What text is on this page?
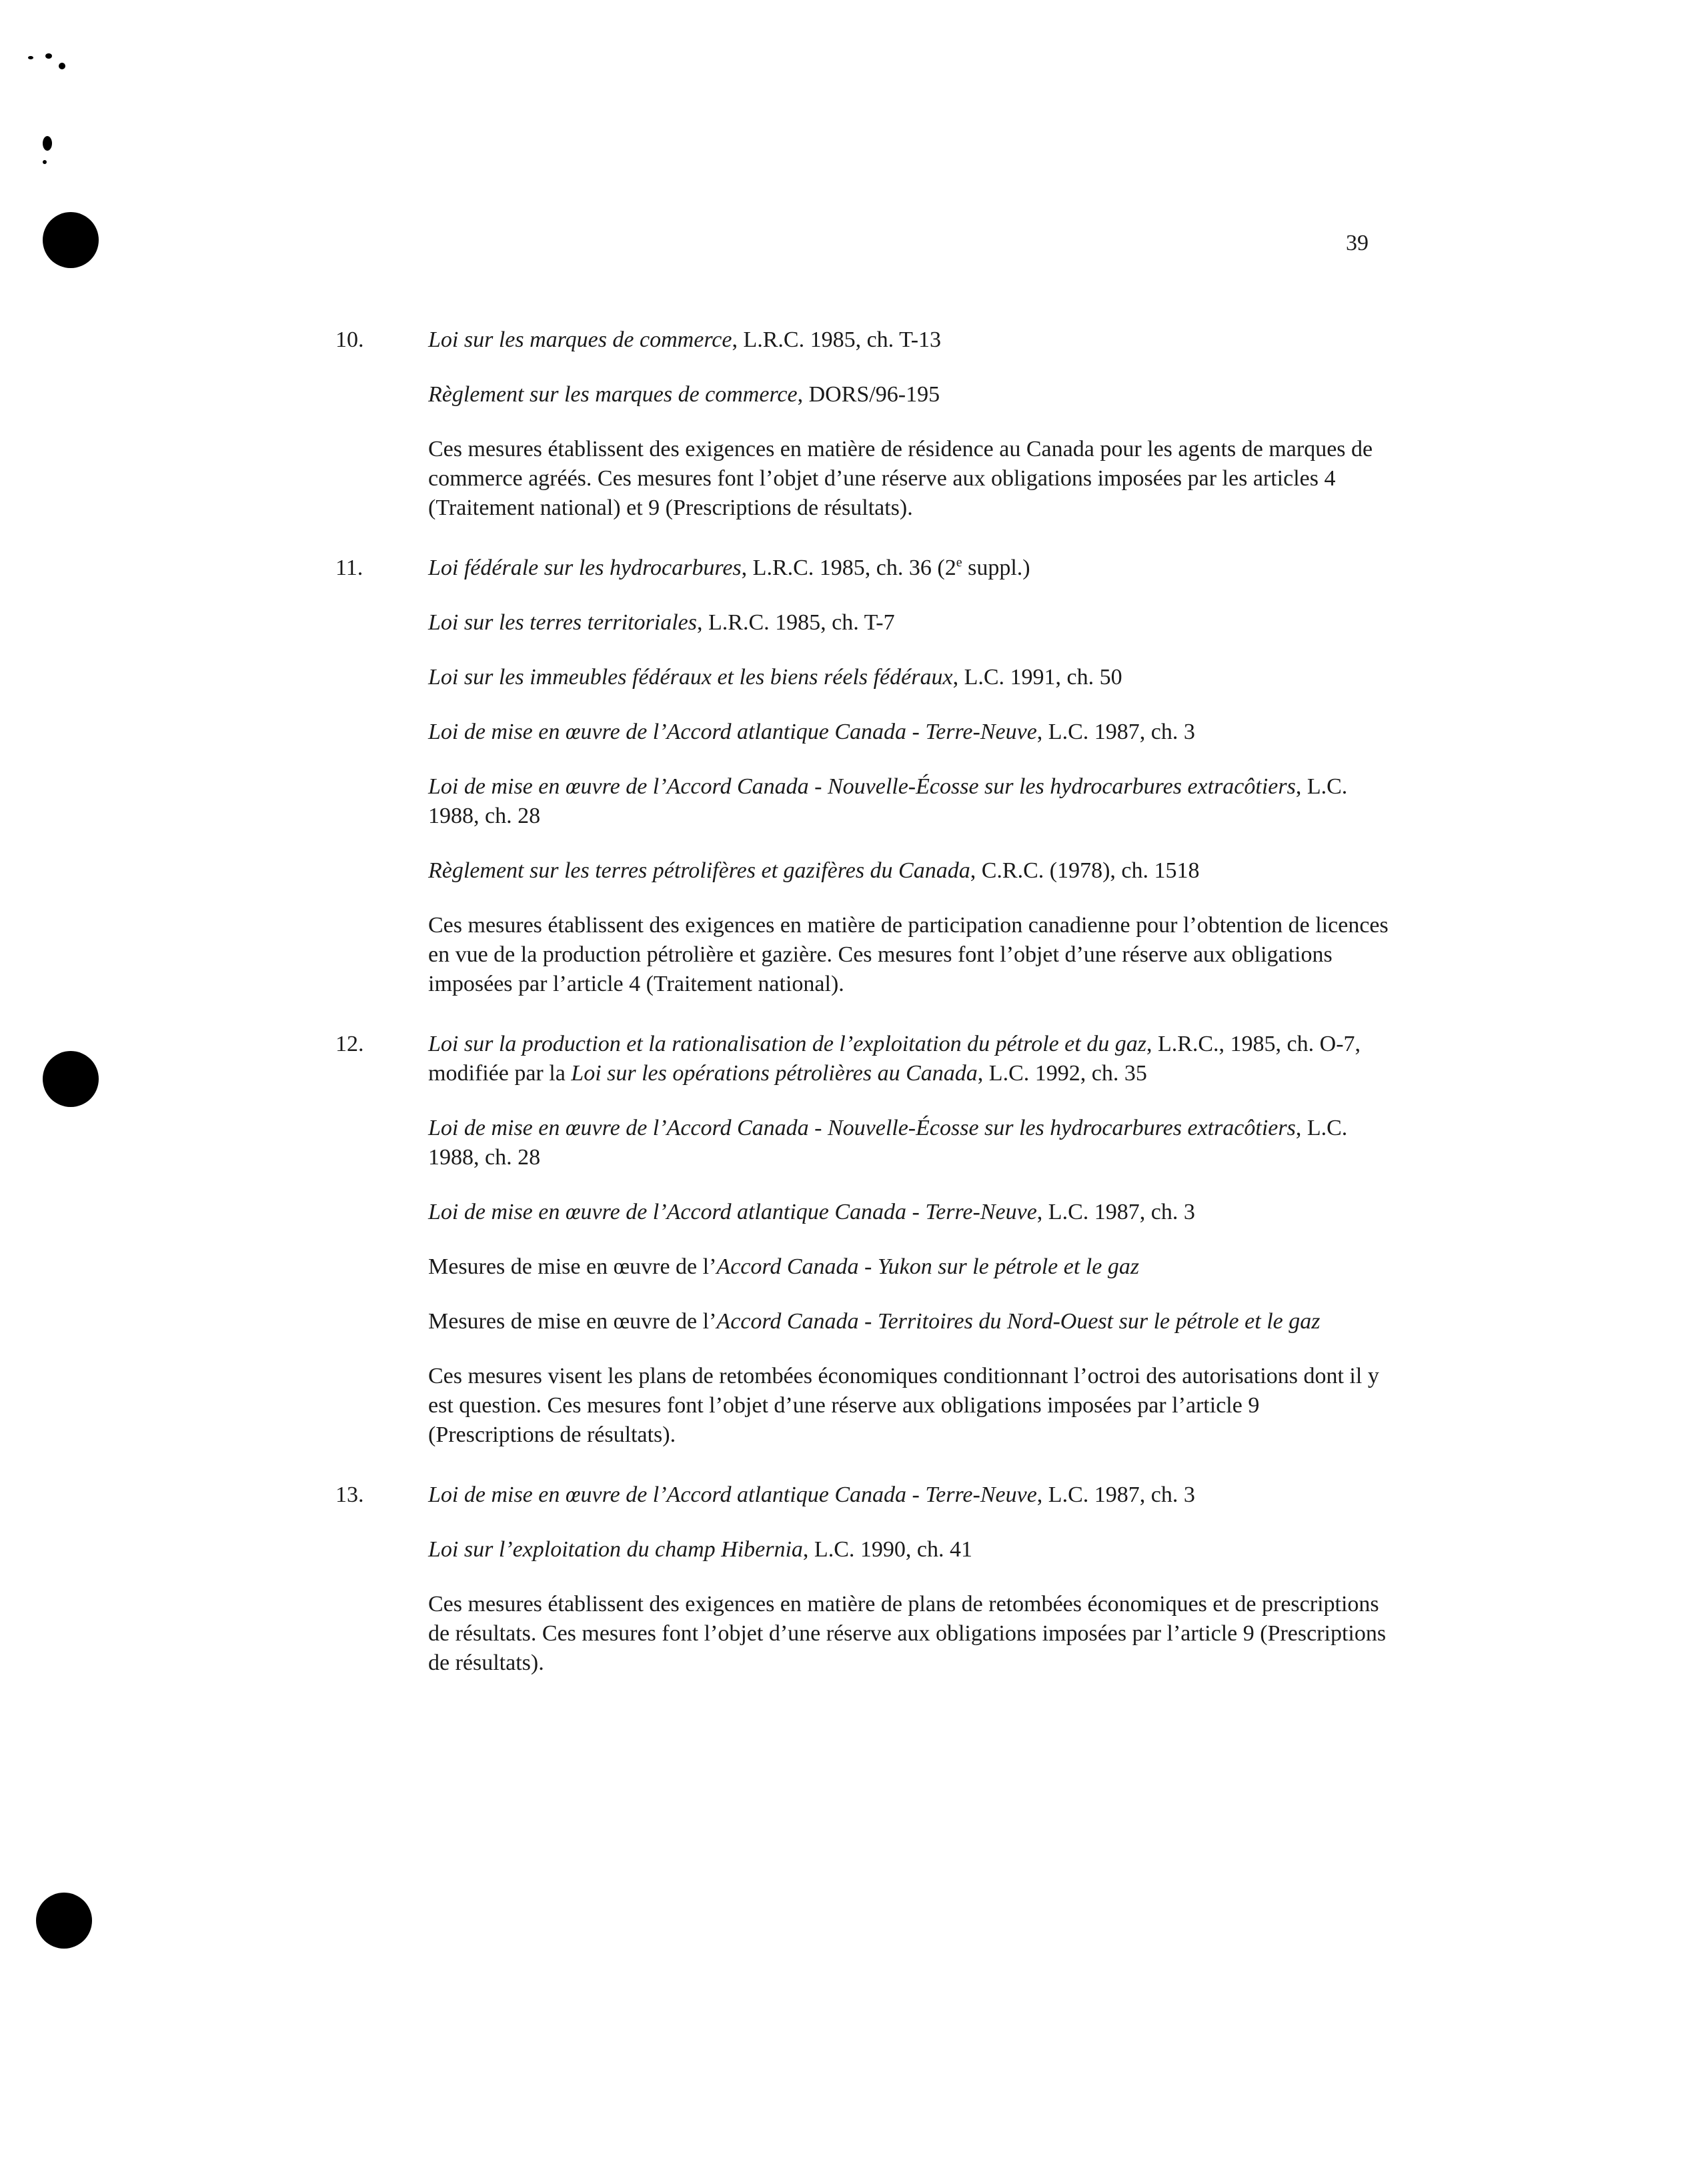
39
10.	Loi sur les marques de commerce, L.R.C. 1985, ch. T-13
Règlement sur les marques de commerce, DORS/96-195
Ces mesures établissent des exigences en matière de résidence au Canada pour les agents de marques de commerce agréés. Ces mesures font l’objet d’une réserve aux obligations imposées par les articles 4 (Traitement national) et 9 (Prescriptions de résultats).
11.	Loi fédérale sur les hydrocarbures, L.R.C. 1985, ch. 36 (2e suppl.)
Loi sur les terres territoriales, L.R.C. 1985, ch. T-7
Loi sur les immeubles fédéraux et les biens réels fédéraux, L.C. 1991, ch. 50
Loi de mise en œuvre de l’Accord atlantique Canada - Terre-Neuve, L.C. 1987, ch. 3
Loi de mise en œuvre de l’Accord Canada - Nouvelle-Écosse sur les hydrocarbures extracôtiers, L.C. 1988, ch. 28
Règlement sur les terres pétrolifères et gazifères du Canada, C.R.C. (1978), ch. 1518
Ces mesures établissent des exigences en matière de participation canadienne pour l’obtention de licences en vue de la production pétrolière et gazière. Ces mesures font l’objet d’une réserve aux obligations imposées par l’article 4 (Traitement national).
12.	Loi sur la production et la rationalisation de l’exploitation du pétrole et du gaz, L.R.C., 1985, ch. O-7, modifiée par la Loi sur les opérations pétrolières au Canada, L.C. 1992, ch. 35
Loi de mise en œuvre de l’Accord Canada - Nouvelle-Écosse sur les hydrocarbures extracôtiers, L.C. 1988, ch. 28
Loi de mise en œuvre de l’Accord atlantique Canada - Terre-Neuve, L.C. 1987, ch. 3
Mesures de mise en œuvre de l’Accord Canada - Yukon sur le pétrole et le gaz
Mesures de mise en œuvre de l’Accord Canada - Territoires du Nord-Ouest sur le pétrole et le gaz
Ces mesures visent les plans de retombées économiques conditionnant l’octroi des autorisations dont il y est question. Ces mesures font l’objet d’une réserve aux obligations imposées par l’article 9 (Prescriptions de résultats).
13.	Loi de mise en œuvre de l’Accord atlantique Canada - Terre-Neuve, L.C. 1987, ch. 3
Loi sur l’exploitation du champ Hibernia, L.C. 1990, ch. 41
Ces mesures établissent des exigences en matière de plans de retombées économiques et de prescriptions de résultats. Ces mesures font l’objet d’une réserve aux obligations imposées par l’article 9 (Prescriptions de résultats).
